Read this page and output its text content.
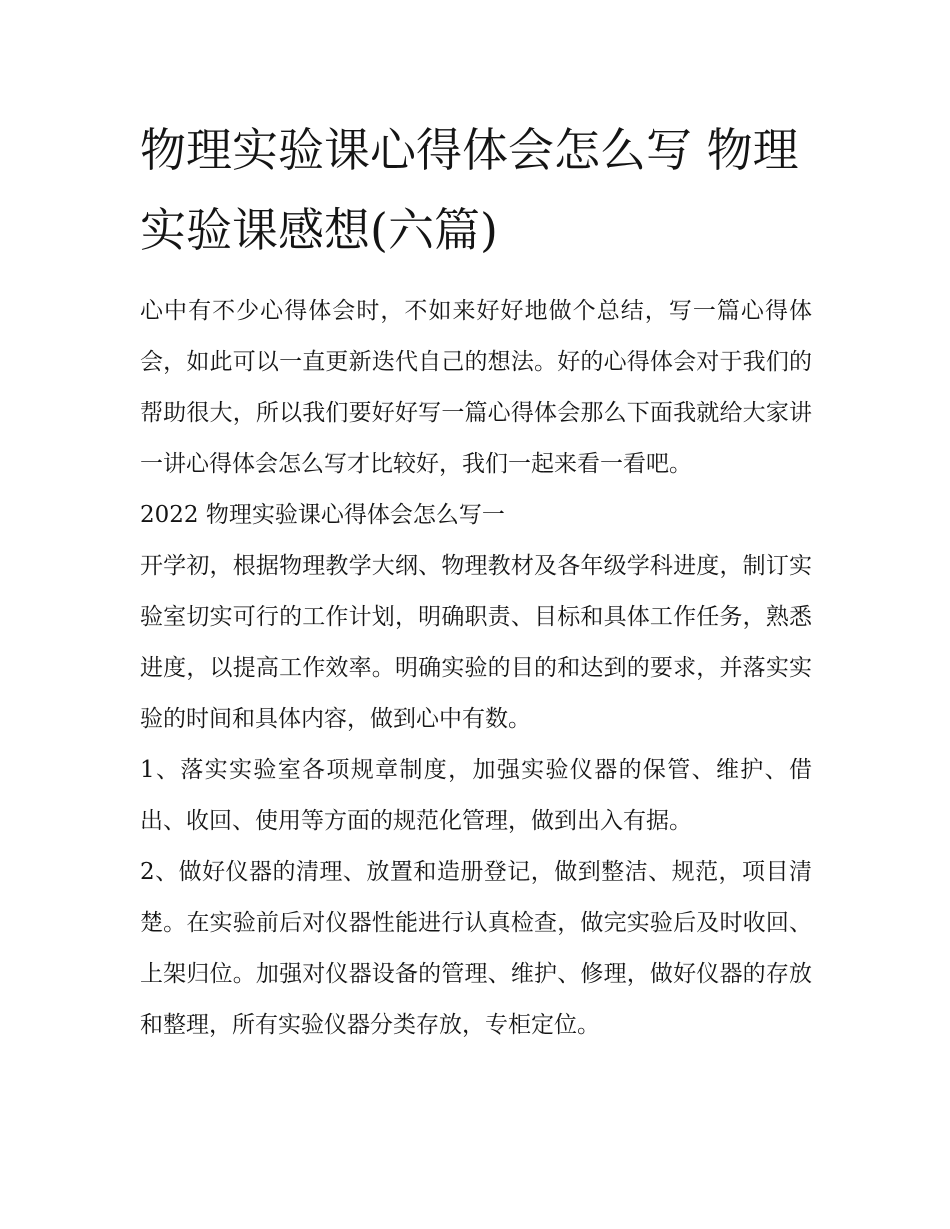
物理实验课心得体会怎么写 物理实验课感想(六篇)

心中有不少心得体会时，不如来好好地做个总结，写一篇心得体会，如此可以一直更新迭代自己的想法。好的心得体会对于我们的帮助很大，所以我们要好好写一篇心得体会那么下面我就给大家讲一讲心得体会怎么写才比较好，我们一起来看一看吧。

2022 物理实验课心得体会怎么写一

开学初，根据物理教学大纲、物理教材及各年级学科进度，制订实验室切实可行的工作计划，明确职责、目标和具体工作任务，熟悉进度，以提高工作效率。明确实验的目的和达到的要求，并落实实验的时间和具体内容，做到心中有数。

1、落实实验室各项规章制度，加强实验仪器的保管、维护、借出、收回、使用等方面的规范化管理，做到出入有据。

2、做好仪器的清理、放置和造册登记，做到整洁、规范，项目清楚。在实验前后对仪器性能进行认真检查，做完实验后及时收回、上架归位。加强对仪器设备的管理、维护、修理，做好仪器的存放和整理，所有实验仪器分类存放，专柜定位。
